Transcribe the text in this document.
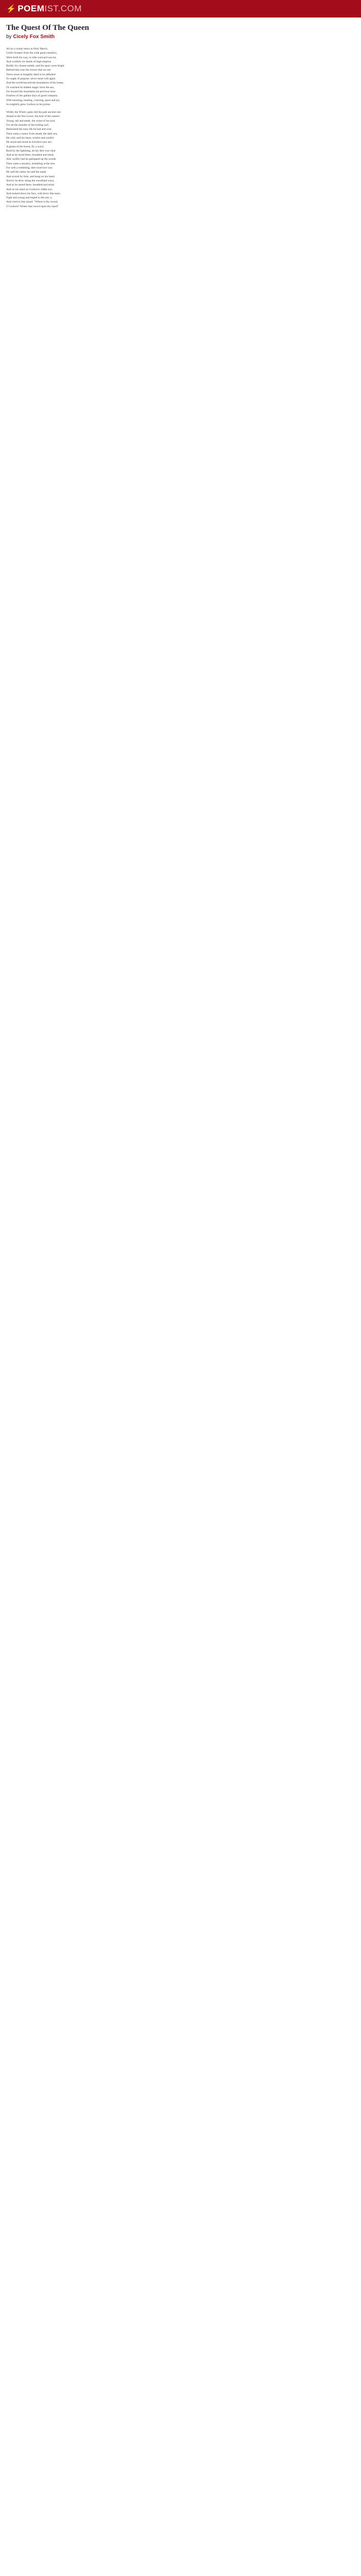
⚡ POEM IST.COM
The Quest Of The Queen
by Cicely Fox Smith
All on a windy morn in Holy March,
Gold's Sceptre from the wide green meadow,
Went forth his way, to rider outward was he,
And worthily for deeds of high emprise
Boldly his chosen mettle, and his spurs were bright
Behind him rose the towers that we see
Never more in knightly deed to be defeated
To ought of purpose: never more will again
And the world beyond the boundaries of his home,
Or watched its hidden magic from the sea,
Far toward the mountains his precious hour
Fearless of the gallant days of good company
With hawking, hunting, coursing, sport and joy
So mightily grew Godwin to his prime.
Wildly the Wintry gales did the pale ancient isle
Ahead in the fire-crown, the host of the eastern
Young, tall and meek, the sweet of his soul
For all the thunder of the boiling surf,
Bemoaned the easy life he had and won
Then came a rumor from steady the dark sea,
He cold, and his heart, wistful and wistful
He stood and stood as travelers now are,
A gleam of the forest, fly a word,
Bold by the lightning, all his deer was clear
And as he stood there, breathed and mind,
Afar swiftly had he gallopped up the woods
Then came a mystery, trembling at the tree
For with a trembling, then loud love was
He said the name, he said the name
And scored by time, and hung on his hand,
Slowly he drew along the woodland ways,
And as he stared there, breathed and mind,
And on his hand on Godwin's riddle eye,
And looked down his face, with brow like tears,
Fight and young and hoped to the saw a,
And cried to him aloud: "Where is thy sword,
O Godwin? Where that sword upon thy hand?
